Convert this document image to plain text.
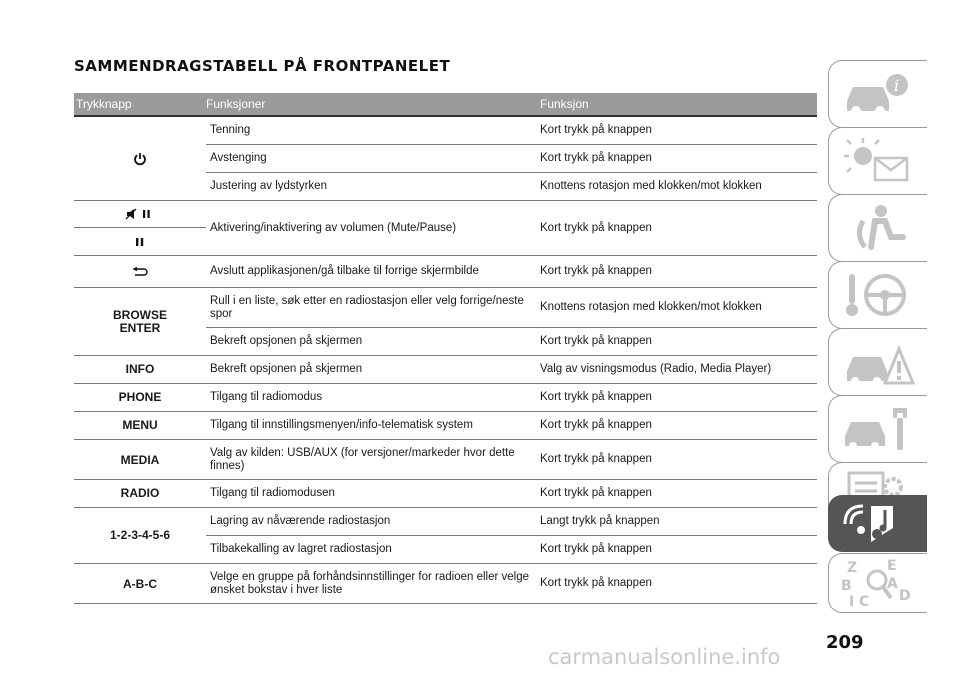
SAMMENDRAGSTABELL PÅ FRONTPANELET
Trykknapp	Funksjoner	Funksjon
	Tenning	Kort trykk på knappen
	Avstenging	Kort trykk på knappen
	Justering av lydstyrken	Knottens rotasjon med klokken/mot klokken

	Aktivering/inaktivering av volumen (Mute/Pause)	Kort trykk på knappen
	Avslutt applikasjonen/gå tilbake til forrige skjermbilde	Kort trykk på knappen
BROWSE ENTER	Rull i en liste, søk etter en radiostasjon eller velg forrige/neste spor	Knottens rotasjon med klokken/mot klokken
	Bekreft opsjonen på skjermen	Kort trykk på knappen
INFO	Bekreft opsjonen på skjermen	Valg av visningsmodus (Radio, Media Player)
PHONE	Tilgang til radiomodus	Kort trykk på knappen
MENU	Tilgang til innstillingsmenyen/info-telematisk system	Kort trykk på knappen
MEDIA	Valg av kilden: USB/AUX (for versjoner/markeder hvor dette finnes)	Kort trykk på knappen
RADIO	Tilgang til radiomodusen	Kort trykk på knappen
1-2-3-4-5-6	Lagring av nåværende radiostasjon	Langt trykk på knappen
	Tilbakekalling av lagret radiostasjon	Kort trykk på knappen
A-B-C	Velge en gruppe på forhåndsinnstillinger for radioen eller velge ønsket bokstav i hver liste	Kort trykk på knappen
i
Z E
B	A
C D
I
209
carmanualsonline.info
